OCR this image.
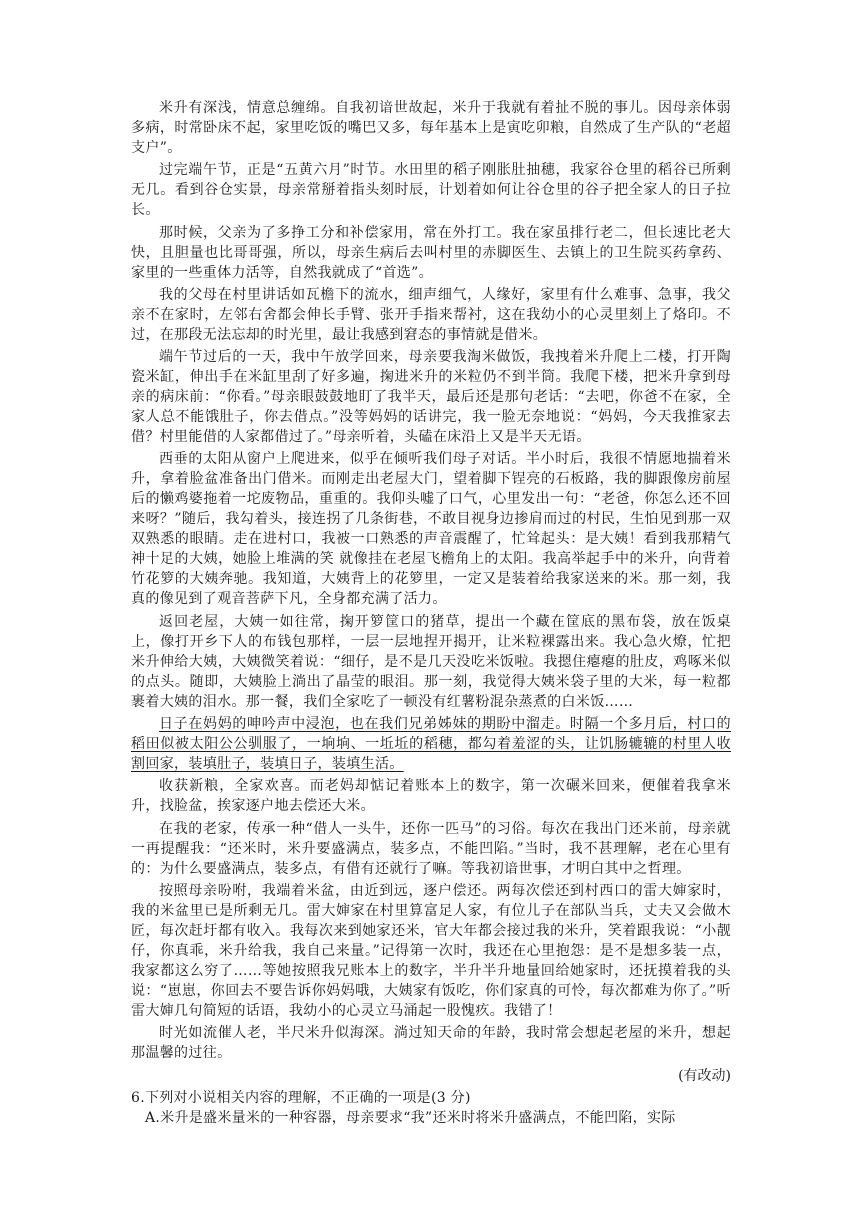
米升有深浅，情意总缠绵。自我初谙世故起，米升于我就有着扯不脱的事儿。因母亲体弱多病，时常卧床不起，家里吃饭的嘴巴又多，每年基本上是寅吃卯粮，自然成了生产队的“老超支户”。

过完端午节，正是“五黄六月”时节。水田里的稻子刚胀肚抽穗，我家谷仓里的稻谷已所剩无几。看到谷仓实景，母亲常掰着指头刻时辰，计划着如何让谷仓里的谷子把全家人的日子拉长。

那时候，父亲为了多挣工分和补偿家用，常在外打工。我在家虽排行老二，但长速比老大快，且胆量也比哥哥强，所以，母亲生病后去叫村里的赤脚医生、去镇上的卫生院买药拿药、家里的一些重体力活等，自然我就成了“首选”。

我的父母在村里讲话如瓦檐下的流水，细声细气，人缘好，家里有什么难事、急事，我父亲不在家时，左邻右舍都会伸长手臂、张开手指来帮衬，这在我幼小的心灵里刻上了烙印。不过，在那段无法忘却的时光里，最让我感到窘态的事情就是借米。

端午节过后的一天，我中午放学回来，母亲要我淘米做饭，我拽着米升爬上二楼，打开陶瓷米缸，伸出手在米缸里刮了好多遍，掬进米升的米粒仍不到半筒。我爬下楼，把米升拿到母亲的病床前：“你看。”母亲眼鼓鼓地盯了我半天，最后还是那句老话：“去吧，你爸不在家，全家人总不能饿肚子，你去借点。”没等妈妈的话讲完，我一脸无奈地说：“妈妈，今天我推家去借？村里能借的人家都借过了。”母亲听着，头磕在床沿上又是半天无语。

西垂的太阳从窗户上爬进来，似乎在倾听我们母子对话。半小时后，我很不情愿地揣着米升，拿着脸盆准备出门借米。而刚走出老屋大门，望着脚下锃亮的石板路，我的脚跟像房前屋后的懒鸡婆拖着一坨废物品，重重的。我仰头嘘了口气，心里发出一句：“老爸，你怎么还不回来呀？”随后，我勾着头，接连拐了几条街巷，不敢目视身边掺肩而过的村民，生怕见到那一双双熟悉的眼睛。走在进村口，我被一口熟悉的声音震醒了，忙耸起头：是大姨！看到我那精气神十足的大姨，她脸上堆满的笑 就像挂在老屋飞檐角上的太阳。我高举起手中的米升，向背着竹花箩的大姨奔驰。我知道，大姨背上的花箩里，一定又是装着给我家送来的米。那一刻，我真的像见到了观音菩萨下凡，全身都充满了活力。

返回老屋，大姨一如往常，掬开箩筐口的猪草，提出一个藏在筐底的黑布袋，放在饭桌上，像打开乡下人的布钱包那样，一层一层地捏开揭开，让米粒裸露出来。我心急火燎，忙把米升伸给大姨，大姨微笑着说：“细仔，是不是几天没吃米饭啦。我摁住瘪瘪的肚皮，鸡啄米似的点头。随即，大姨脸上淌出了晶莹的眼泪。那一刻，我觉得大姨米袋子里的大米，每一粒都裹着大姨的泪水。那一餐，我们全家吃了一顿没有红薯粉混杂蒸煮的白米饭……

日子在妈妈的呻吟声中浸泡，也在我们兄弟姊妹的期盼中溜走。时隔一个多月后，村口的稻田似被太阳公公驯服了，一垧垧、一坵坵的稻穗，都勾着羞涩的头，让饥肠辘辘的村里人收割回家，装填肚子，装填日子，装填生活。

收获新粮，全家欢喜。而老妈却惦记着账本上的数字，第一次碾米回来，便催着我拿米升，找脸盆，挨家逐户地去偿还大米。

在我的老家，传承一种“借人一头牛，还你一匹马”的习俗。每次在我出门还米前，母亲就一再提醒我：“还米时，米升要盛满点，装多点，不能凹陷。”当时，我不甚理解，老在心里有的：为什么要盛满点，装多点，有借有还就行了嘛。等我初谙世事，才明白其中之哲理。

按照母亲吩咐，我端着米盆，由近到远，逐户偿还。两每次偿还到村西口的雷大婶家时，我的米盆里已是所剩无几。雷大婶家在村里算富足人家，有位儿子在部队当兵，丈夫又会做木匠，每次赶圩都有收入。我每次来到她家还米，官大年都会接过我的米升，笑着跟我说：“小靓仔，你真乖，米升给我，我自己来量。”记得第一次时，我还在心里抱怨：是不是想多装一点，我家都这么穷了……等她按照我兄账本上的数字，半升半升地量回给她家时，还抚摸着我的头说：“崽崽，你回去不要告诉你妈妈哦，大姨家有饭吃，你们家真的可怜，每次都难为你了。”听雷大婶几句简短的话语，我幼小的心灵立马涌起一股愧疚。我错了！

时光如流催人老，半尺米升似海深。淌过知天命的年龄，我时常会想起老屋的米升，想起那温馨的过往。

(有改动)

6.下列对小说相关内容的理解，不正确的一项是(3 分)

A.米升是盛米量米的一种容器，母亲要求“我”还米时将米升盛满点，不能凹陷，实际
